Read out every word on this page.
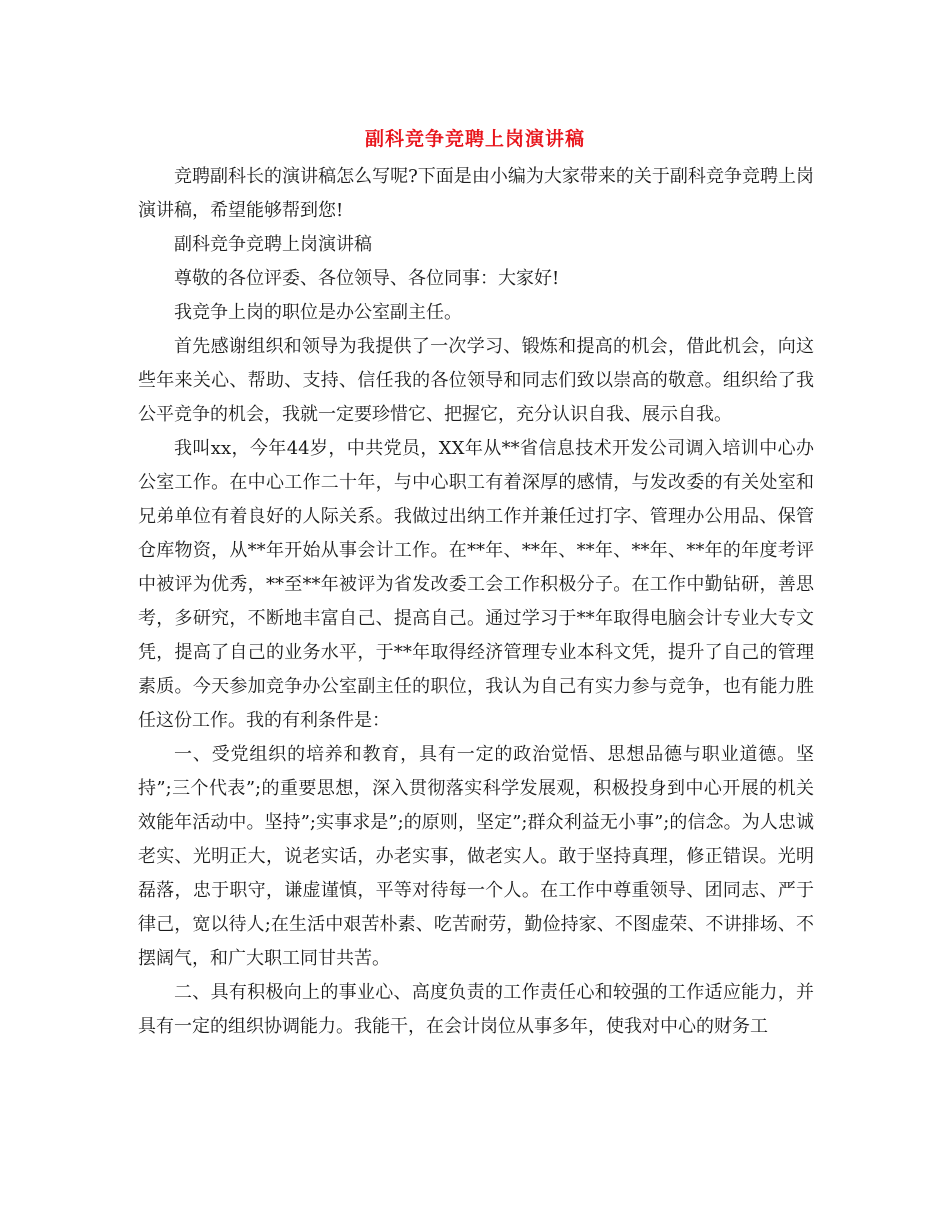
副科竞争竞聘上岗演讲稿

竞聘副科长的演讲稿怎么写呢?下面是由小编为大家带来的关于副科竞争竞聘上岗演讲稿，希望能够帮到您!

副科竞争竞聘上岗演讲稿

尊敬的各位评委、各位领导、各位同事：大家好!

我竞争上岗的职位是办公室副主任。

首先感谢组织和领导为我提供了一次学习、锻炼和提高的机会，借此机会，向这些年来关心、帮助、支持、信任我的各位领导和同志们致以崇高的敬意。组织给了我公平竞争的机会，我就一定要珍惜它、把握它，充分认识自我、展示自我。

我叫xx，今年44岁，中共党员，XX年从**省信息技术开发公司调入培训中心办公室工作。在中心工作二十年，与中心职工有着深厚的感情，与发改委的有关处室和兄弟单位有着良好的人际关系。我做过出纳工作并兼任过打字、管理办公用品、保管仓库物资，从**年开始从事会计工作。在**年、**年、**年、**年、**年的年度考评中被评为优秀，**至**年被评为省发改委工会工作积极分子。在工作中勤钻研，善思考，多研究，不断地丰富自己、提高自己。通过学习于**年取得电脑会计专业大专文凭，提高了自己的业务水平，于**年取得经济管理专业本科文凭，提升了自己的管理素质。今天参加竞争办公室副主任的职位，我认为自己有实力参与竞争，也有能力胜任这份工作。我的有利条件是：

一、受党组织的培养和教育，具有一定的政治觉悟、思想品德与职业道德。坚持”;三个代表”;的重要思想，深入贯彻落实科学发展观，积极投身到中心开展的机关效能年活动中。坚持”;实事求是”;的原则，坚定”;群众利益无小事”;的信念。为人忠诚老实、光明正大，说老实话，办老实事，做老实人。敢于坚持真理，修正错误。光明磊落，忠于职守，谦虚谨慎，平等对待每一个人。在工作中尊重领导、团同志、严于律己，宽以待人;在生活中艰苦朴素、吃苦耐劳，勤俭持家、不图虚荣、不讲排场、不摆阔气，和广大职工同甘共苦。

二、具有积极向上的事业心、高度负责的工作责任心和较强的工作适应能力，并具有一定的组织协调能力。我能干，在会计岗位从事多年，使我对中心的财务工
